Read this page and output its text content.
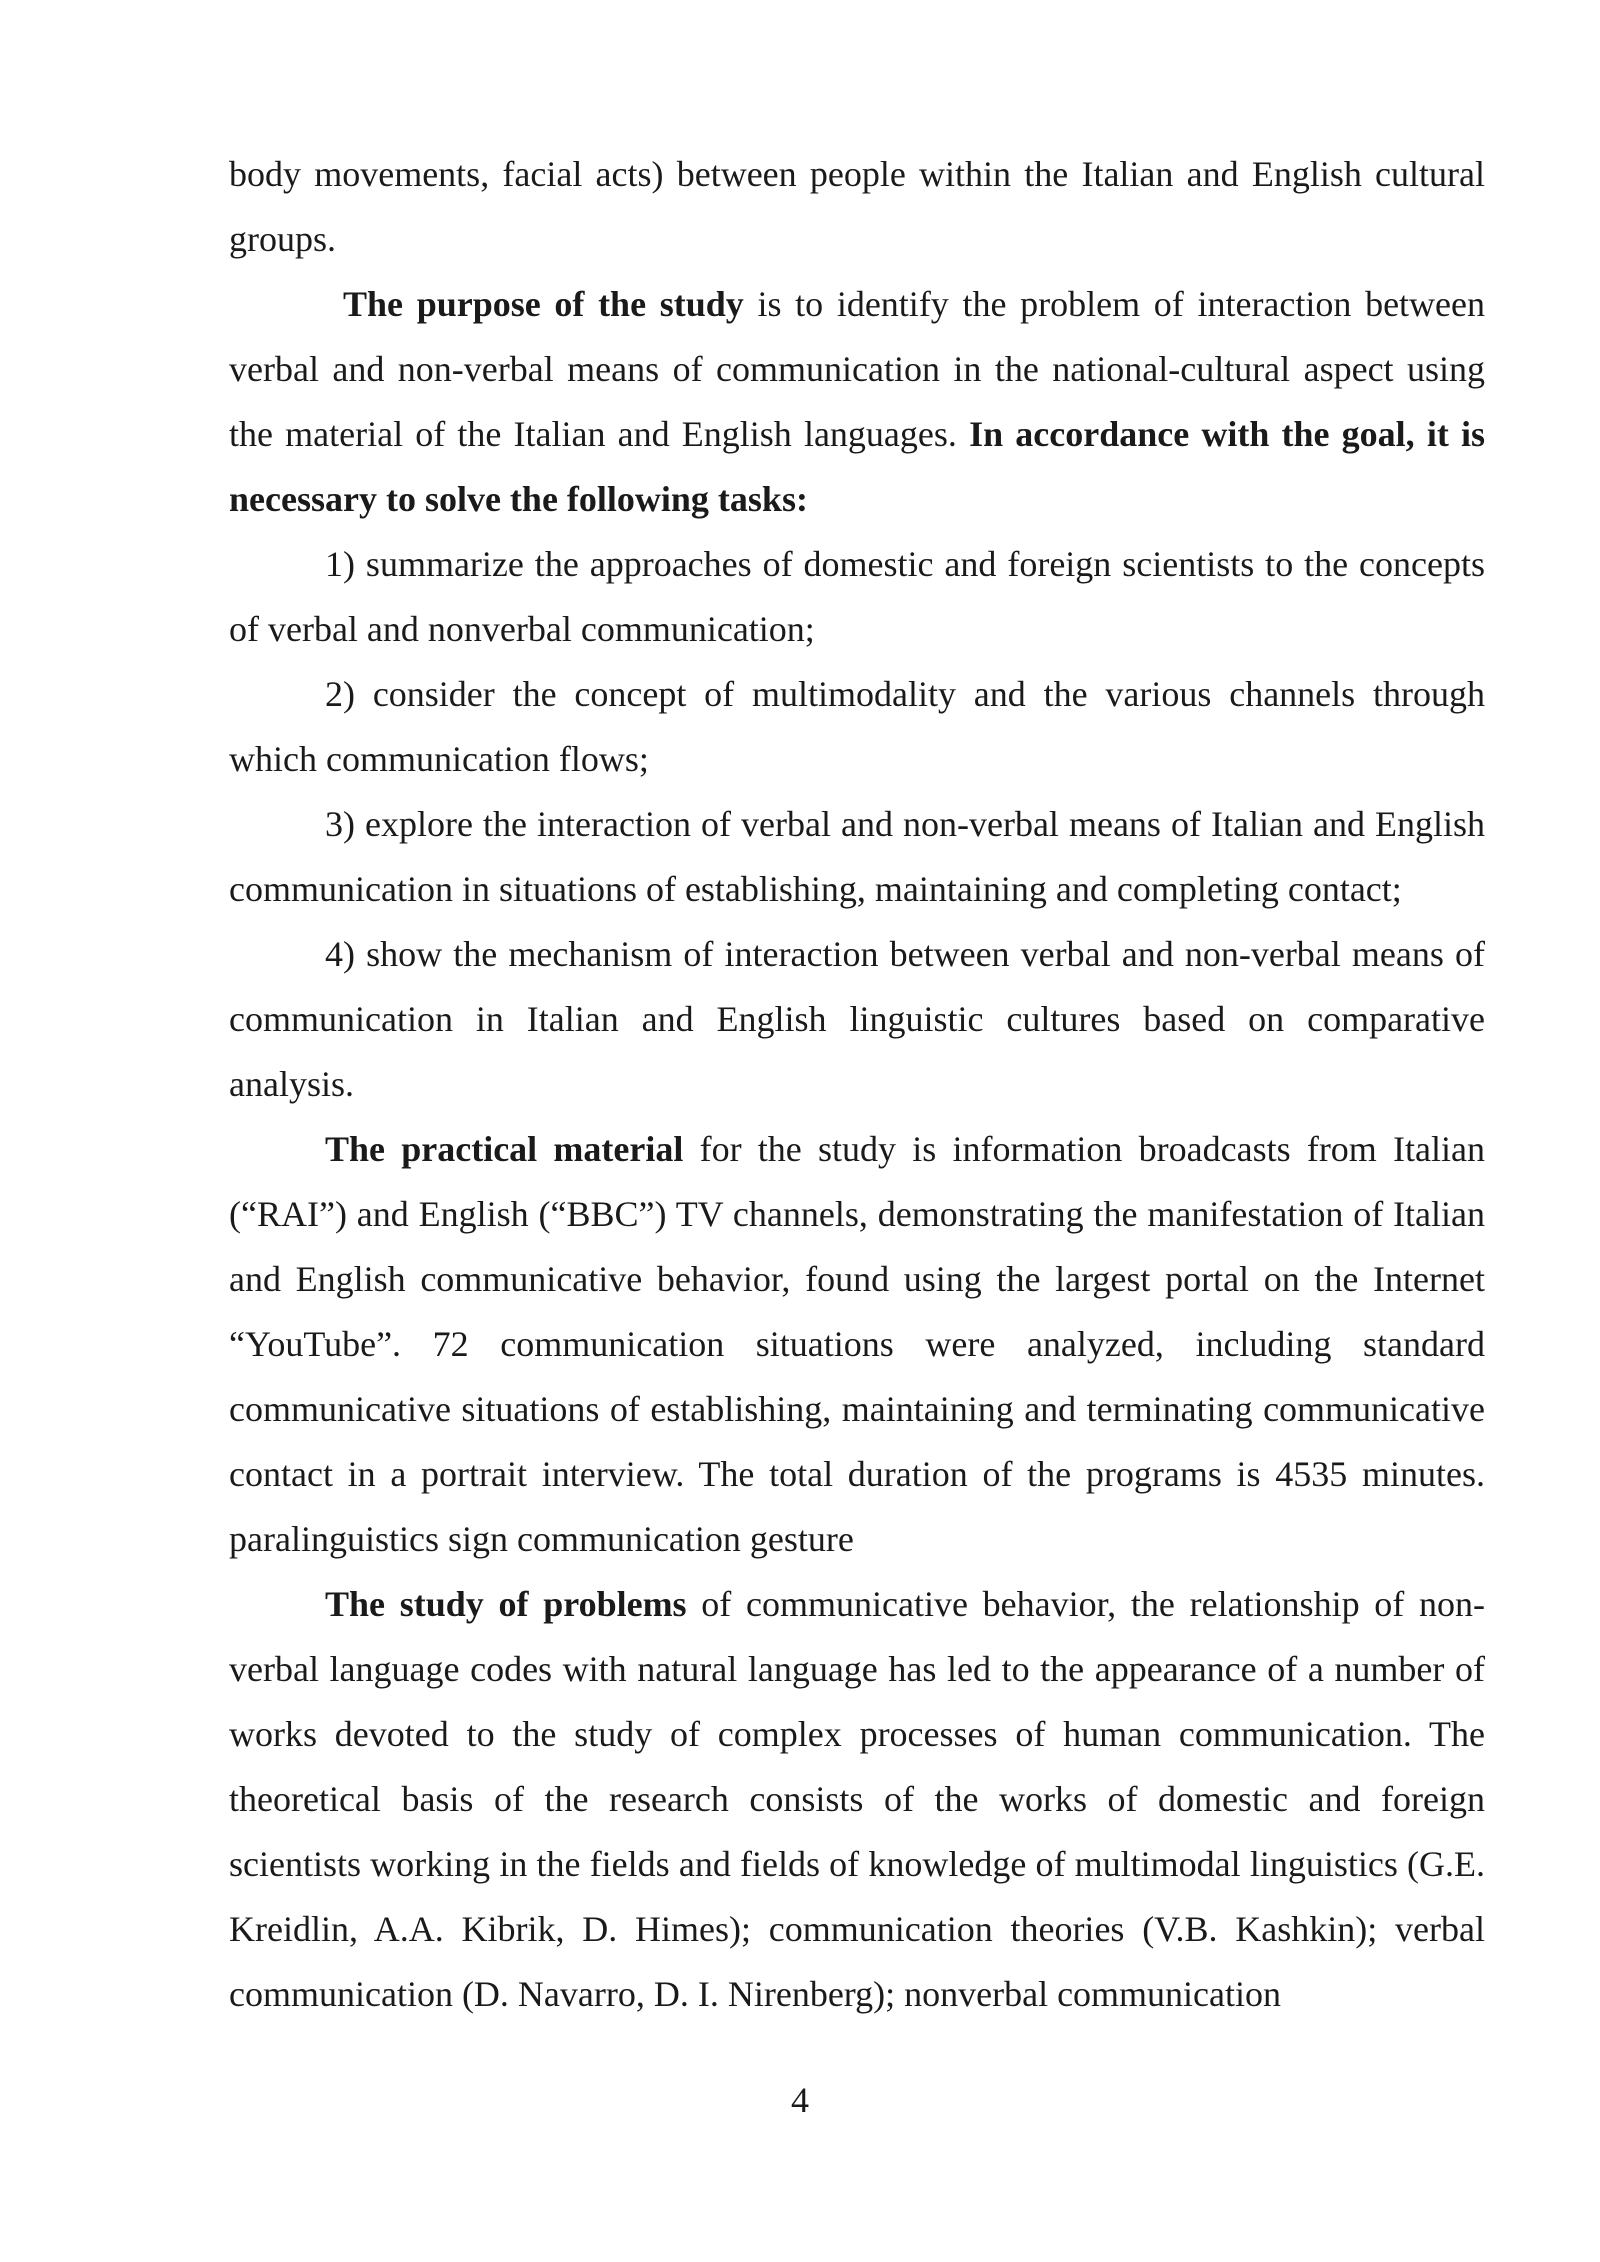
body movements, facial acts) between people within the Italian and English cultural groups.

The purpose of the study is to identify the problem of interaction between verbal and non-verbal means of communication in the national-cultural aspect using the material of the Italian and English languages. In accordance with the goal, it is necessary to solve the following tasks:

1) summarize the approaches of domestic and foreign scientists to the concepts of verbal and nonverbal communication;

2) consider the concept of multimodality and the various channels through which communication flows;

3) explore the interaction of verbal and non-verbal means of Italian and English communication in situations of establishing, maintaining and completing contact;

4) show the mechanism of interaction between verbal and non-verbal means of communication in Italian and English linguistic cultures based on comparative analysis.

The practical material for the study is information broadcasts from Italian (“RAI”) and English (“BBC”) TV channels, demonstrating the manifestation of Italian and English communicative behavior, found using the largest portal on the Internet “YouTube”. 72 communication situations were analyzed, including standard communicative situations of establishing, maintaining and terminating communicative contact in a portrait interview. The total duration of the programs is 4535 minutes. paralinguistics sign communication gesture

The study of problems of communicative behavior, the relationship of non-verbal language codes with natural language has led to the appearance of a number of works devoted to the study of complex processes of human communication. The theoretical basis of the research consists of the works of domestic and foreign scientists working in the fields and fields of knowledge of multimodal linguistics (G.E. Kreidlin, A.A. Kibrik, D. Himes); communication theories (V.B. Kashkin); verbal communication (D. Navarro, D. I. Nirenberg); nonverbal communication

4
